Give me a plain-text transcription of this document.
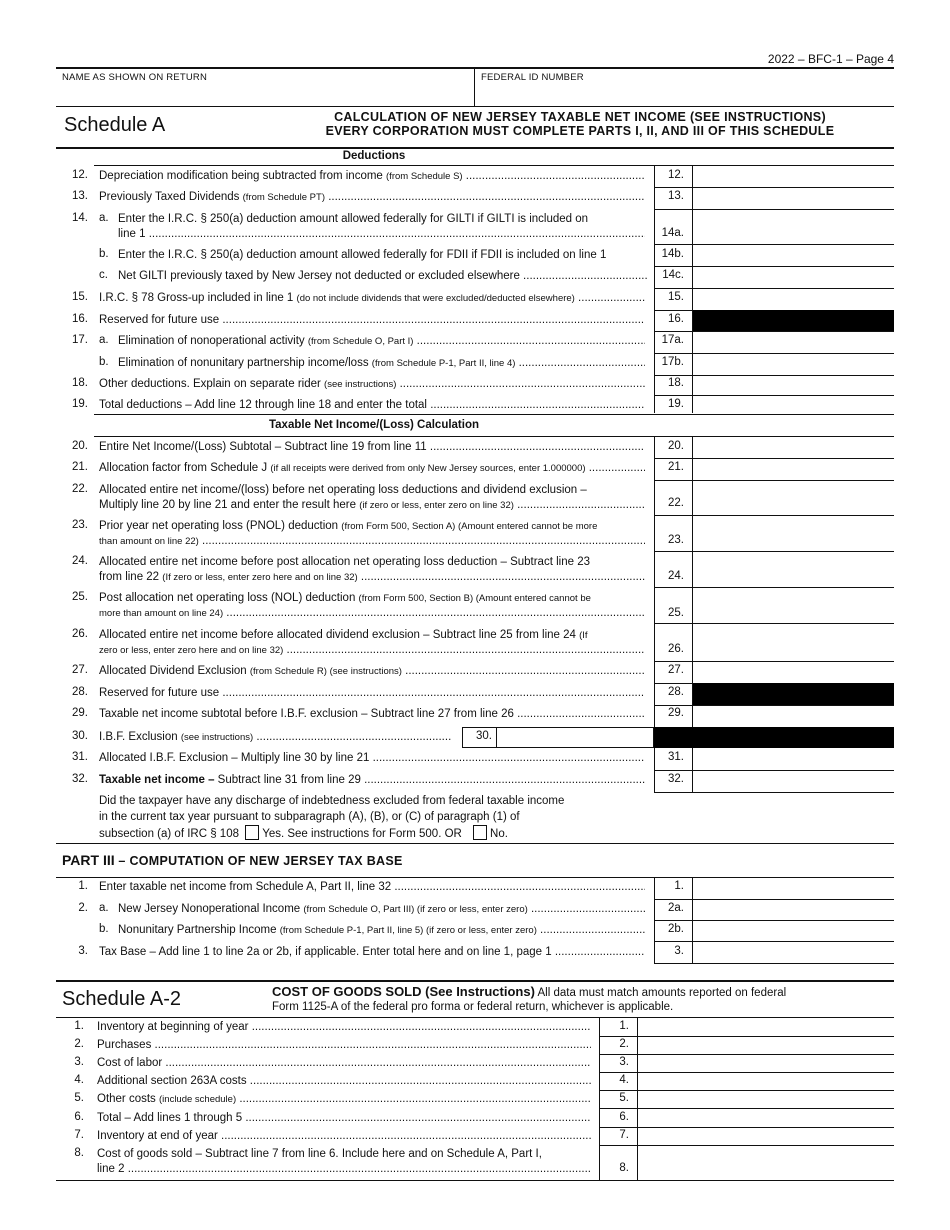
2022 – BFC-1 – Page 4
NAME AS SHOWN ON RETURN	FEDERAL ID NUMBER
Schedule A	CALCULATION OF NEW JERSEY TAXABLE NET INCOME (SEE INSTRUCTIONS)
EVERY CORPORATION MUST COMPLETE PARTS I, II, AND III OF THIS SCHEDULE
Deductions
12. Depreciation modification being subtracted from income (from Schedule S) .....	12.
13. Previously Taxed Dividends (from Schedule PT) .....	13.
14. a. Enter the I.R.C. § 250(a) deduction amount allowed federally for GILTI if GILTI is included on
line 1 .....	14a.
b. Enter the I.R.C. § 250(a) deduction amount allowed federally for FDII if FDII is included on line 1	14b.
c. Net GILTI previously taxed by New Jersey not deducted or excluded elsewhere .....	14c.
15. I.R.C. § 78 Gross-up included in line 1 (do not include dividends that were excluded/deducted elsewhere) .....	15.
16. Reserved for future use .....	16.
17. a. Elimination of nonoperational activity (from Schedule O, Part I) .....	17a.
b. Elimination of nonunitary partnership income/loss (from Schedule P-1, Part II, line 4) .....	17b.
18. Other deductions. Explain on separate rider (see instructions) .....	18.
19. Total deductions – Add line 12 through line 18 and enter the total .....	19.
Taxable Net Income/(Loss) Calculation
20. Entire Net Income/(Loss) Subtotal – Subtract line 19 from line 11 .....	20.
21. Allocation factor from Schedule J (if all receipts were derived from only New Jersey sources, enter 1.000000) .....	21.
22. Allocated entire net income/(loss) before net operating loss deductions and dividend exclusion –
Multiply line 20 by line 21 and enter the result here (if zero or less, enter zero on line 32) .....	22.
23. Prior year net operating loss (PNOL) deduction (from Form 500, Section A) (Amount entered cannot be more
than amount on line 22) .....	23.
24. Allocated entire net income before post allocation net operating loss deduction – Subtract line 23
from line 22 (If zero or less, enter zero here and on line 32) .....	24.
25. Post allocation net operating loss (NOL) deduction (from Form 500, Section B) (Amount entered cannot be
more than amount on line 24) .....	25.
26. Allocated entire net income before allocated dividend exclusion – Subtract line 25 from line 24 (If
zero or less, enter zero here and on line 32) .....	26.
27. Allocated Dividend Exclusion (from Schedule R) (see instructions) .....	27.
28. Reserved for future use .....	28.
29. Taxable net income subtotal before I.B.F. exclusion – Subtract line 27 from line 26 .....	29.
30. I.B.F. Exclusion (see instructions) .....	30.
31. Allocated I.B.F. Exclusion – Multiply line 30 by line 21 .....	31.
32. Taxable net income – Subtract line 31 from line 29 .....	32.
Did the taxpayer have any discharge of indebtedness excluded from federal taxable income
in the current tax year pursuant to subparagraph (A), (B), or (C) of paragraph (1) of
subsection (a) of IRC § 108 Yes. See instructions for Form 500. OR No.
PART III – COMPUTATION OF NEW JERSEY TAX BASE
1. Enter taxable net income from Schedule A, Part II, line 32 .....	1.
2. a. New Jersey Nonoperational Income (from Schedule O, Part III) (if zero or less, enter zero) .....	2a.
b. Nonunitary Partnership Income (from Schedule P-1, Part II, line 5) (if zero or less, enter zero) .....	2b.
3. Tax Base – Add line 1 to line 2a or 2b, if applicable. Enter total here and on line 1, page 1 .....	3.
Schedule A-2	COST OF GOODS SOLD (See Instructions) All data must match amounts reported on federal
Form 1125-A of the federal pro forma or federal return, whichever is applicable.
1. Inventory at beginning of year .....	1.
2. Purchases .....	2.
3. Cost of labor .....	3.
4. Additional section 263A costs .....	4.
5. Other costs (include schedule) .....	5.
6. Total – Add lines 1 through 5 .....	6.
7. Inventory at end of year .....	7.
8. Cost of goods sold – Subtract line 7 from line 6. Include here and on Schedule A, Part I,
line 2 .....	8.
